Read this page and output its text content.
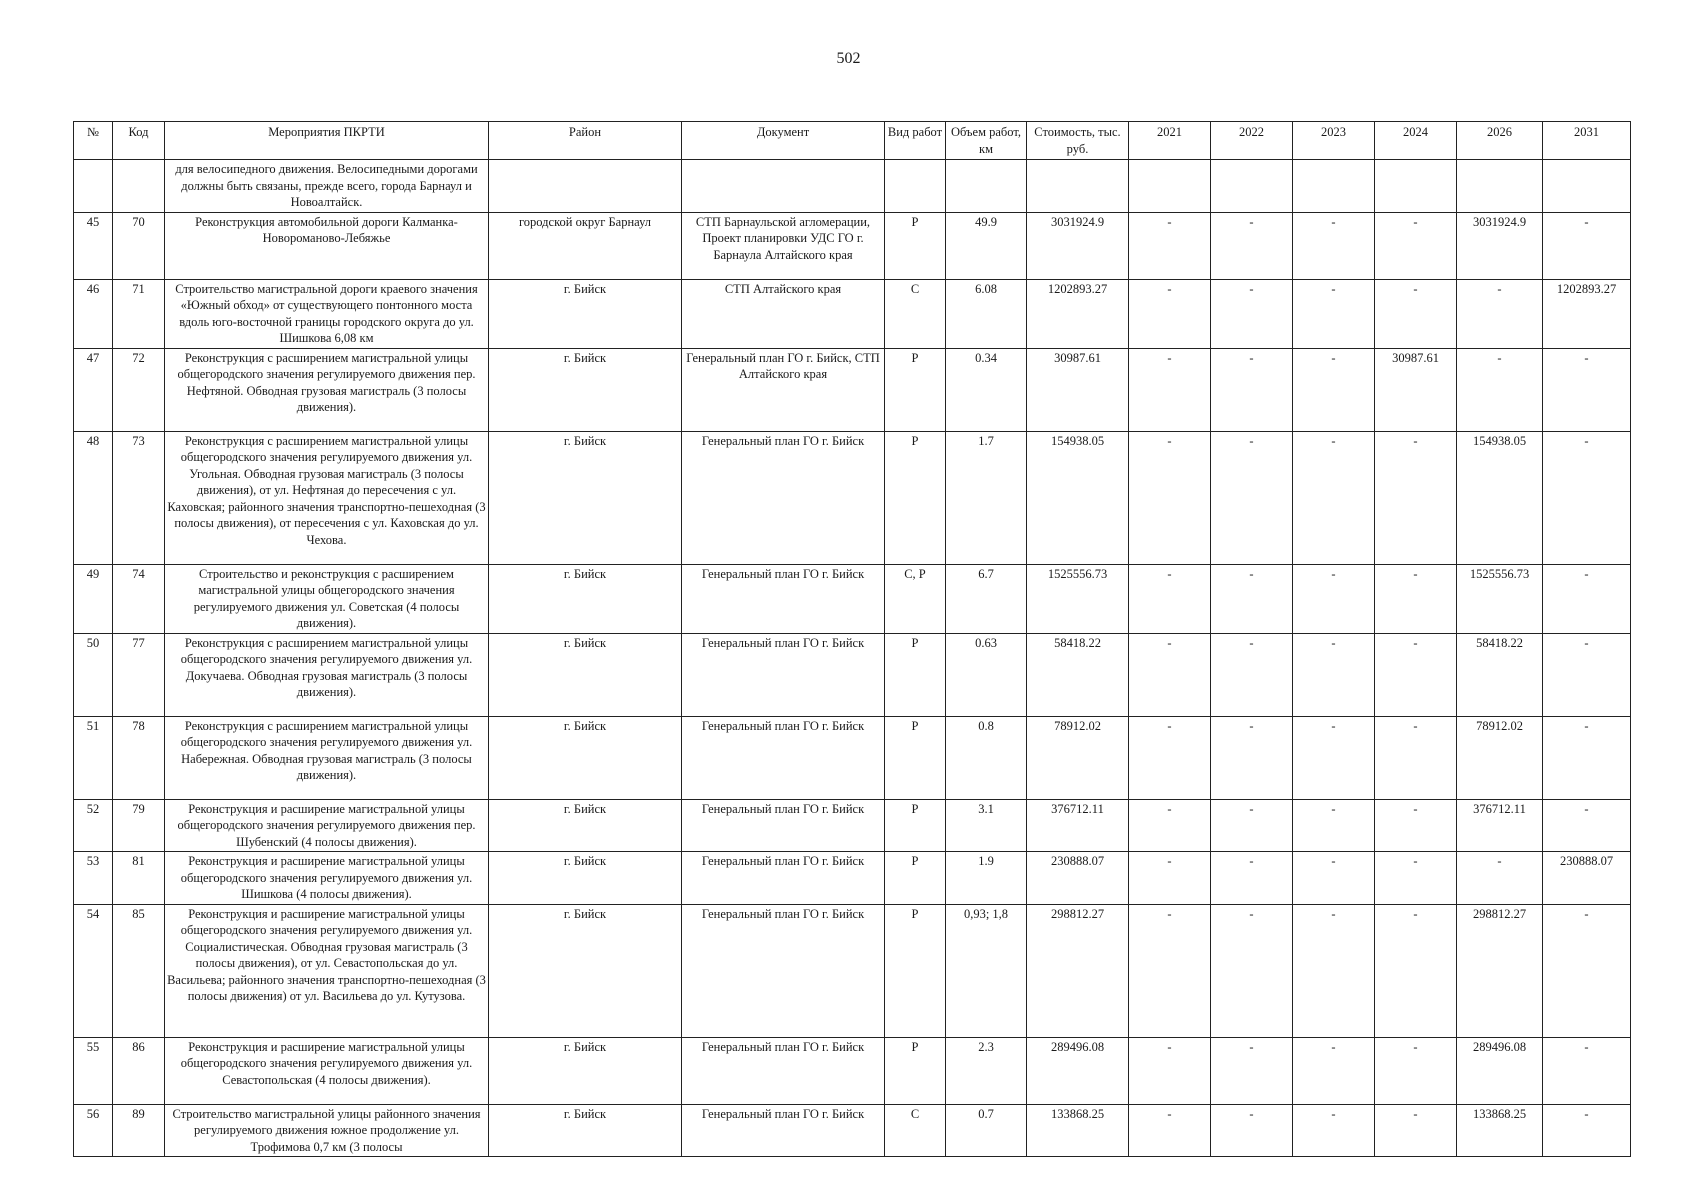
502
№	Код	Мероприятия ПКРТИ	Район	Документ	Вид работ	Объем работ, км	Стоимость, тыс. руб.	2021	2022	2023	2024	2026	2031
		для велосипедного движения. Велосипедными дорогами должны быть связаны, прежде всего, города Барнаул и Новоалтайск.											
45	70	Реконструкция автомобильной дороги Калманка-Новороманово-Лебяжье	городской округ Барнаул	СТП Барнаульской агломерации, Проект планировки УДС ГО г. Барнаула Алтайского края	Р	49.9	3031924.9	-	-	-	-	3031924.9	-
46	71	Строительство магистральной дороги краевого значения «Южный обход» от существующего понтонного моста вдоль юго-восточной границы городского округа до ул. Шишкова 6,08 км	г. Бийск	СТП Алтайского края	С	6.08	1202893.27	-	-	-	-	-	1202893.27
47	72	Реконструкция с расширением магистральной улицы общегородского значения регулируемого движения пер. Нефтяной. Обводная грузовая магистраль (3 полосы движения).	г. Бийск	Генеральный план ГО г. Бийск, СТП Алтайского края	Р	0.34	30987.61	-	-	-	30987.61	-	-
48	73	Реконструкция с расширением магистральной улицы общегородского значения регулируемого движения ул. Угольная. Обводная грузовая магистраль (3 полосы движения), от ул. Нефтяная до пересечения с ул. Каховская; районного значения транспортно-пешеходная (3 полосы движения), от пересечения с ул. Каховская до ул. Чехова.	г. Бийск	Генеральный план ГО г. Бийск	Р	1.7	154938.05	-	-	-	-	154938.05	-
49	74	Строительство и реконструкция с расширением магистральной улицы общегородского значения регулируемого движения ул. Советская (4 полосы движения).	г. Бийск	Генеральный план ГО г. Бийск	С, Р	6.7	1525556.73	-	-	-	-	1525556.73	-
50	77	Реконструкция с расширением магистральной улицы общегородского значения регулируемого движения ул. Докучаева. Обводная грузовая магистраль (3 полосы движения).	г. Бийск	Генеральный план ГО г. Бийск	Р	0.63	58418.22	-	-	-	-	58418.22	-
51	78	Реконструкция с расширением магистральной улицы общегородского значения регулируемого движения ул. Набережная. Обводная грузовая магистраль (3 полосы движения).	г. Бийск	Генеральный план ГО г. Бийск	Р	0.8	78912.02	-	-	-	-	78912.02	-
52	79	Реконструкция и расширение магистральной улицы общегородского значения регулируемого движения пер. Шубенский (4 полосы движения).	г. Бийск	Генеральный план ГО г. Бийск	Р	3.1	376712.11	-	-	-	-	376712.11	-
53	81	Реконструкция и расширение магистральной улицы общегородского значения регулируемого движения ул. Шишкова (4 полосы движения).	г. Бийск	Генеральный план ГО г. Бийск	Р	1.9	230888.07	-	-	-	-	-	230888.07
54	85	Реконструкция и расширение магистральной улицы общегородского значения регулируемого движения ул. Социалистическая. Обводная грузовая магистраль (3 полосы движения), от ул. Севастопольская до ул. Васильева; районного значения транспортно-пешеходная (3 полосы движения) от ул. Васильева до ул. Кутузова.	г. Бийск	Генеральный план ГО г. Бийск	Р	0,93; 1,8	298812.27	-	-	-	-	298812.27	-
55	86	Реконструкция и расширение магистральной улицы общегородского значения регулируемого движения ул. Севастопольская (4 полосы движения).	г. Бийск	Генеральный план ГО г. Бийск	Р	2.3	289496.08	-	-	-	-	289496.08	-
56	89	Строительство магистральной улицы районного значения регулируемого движения южное продолжение ул. Трофимова 0,7 км (3 полосы	г. Бийск	Генеральный план ГО г. Бийск	С	0.7	133868.25	-	-	-	-	133868.25	-
